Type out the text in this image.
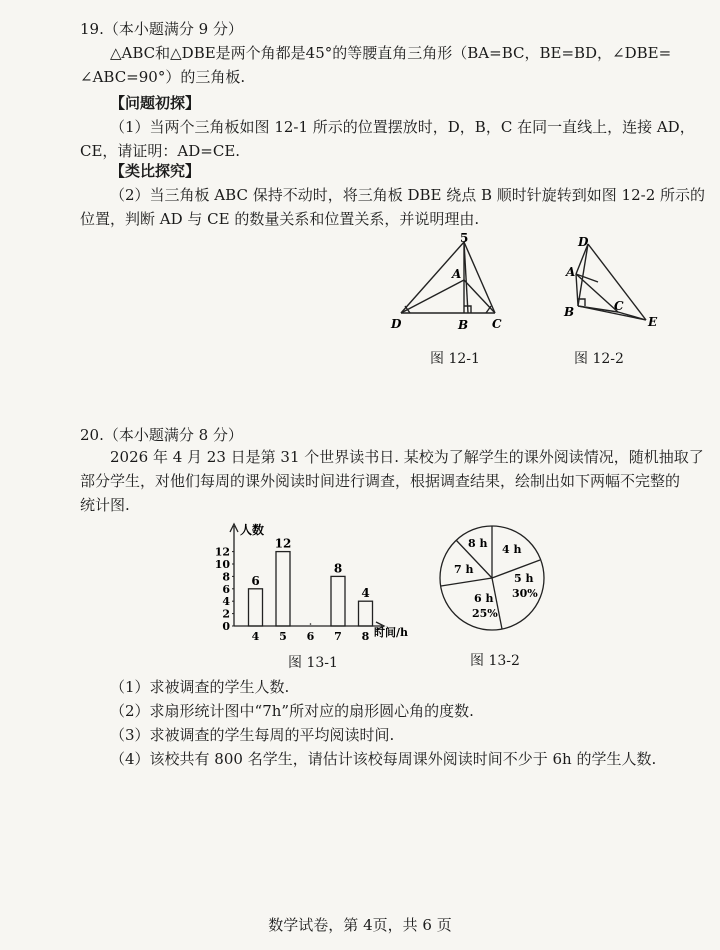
19.（本小题满分 9 分）
△ABC和△DBE是两个角都是45°的等腰直角三角形（BA=BC，BE=BD，∠DBE=
∠ABC=90°）的三角板.
【问题初探】
（1）当两个三角板如图 12-1 所示的位置摆放时，D，B，C 在同一直线上，连接 AD，
CE，请证明：AD=CE.
【类比探究】
（2）当三角板 ABC 保持不动时，将三角板 DBE 绕点 B 顺时针旋转到如图 12-2 所示的
位置，判断 AD 与 CE 的数量关系和位置关系，并说明理由.
5
A
D	B C
图 12-1
D
A
B	C
E
图 12-2
20.（本小题满分 8 分）
2026 年 4 月 23 日是第 31 个世界读书日. 某校为了解学生的课外阅读情况，随机抽取了
部分学生，对他们每周的课外阅读时间进行调查，根据调查结果，绘制出如下两幅不完整的
统计图.
人数
时间/h
0
2
4
6
8
10
12
4 5 6 7 8
6
12
8
4
图 13-1
4 h
5 h
30%
6 h
25%
7 h
8 h
图 13-2
（1）求被调查的学生人数.
（2）求扇形统计图中“7h”所对应的扇形圆心角的度数.
（3）求被调查的学生每周的平均阅读时间.
（4）该校共有 800 名学生，请估计该校每周课外阅读时间不少于 6h 的学生人数.
数学试卷，第 4页，共 6 页
